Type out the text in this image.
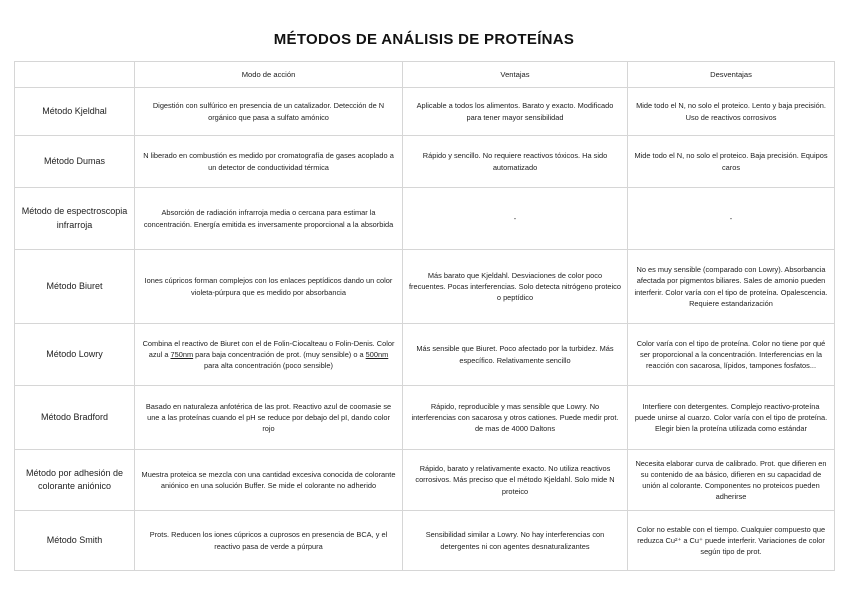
MÉTODOS DE ANÁLISIS DE PROTEÍNAS
	Modo de acción	Ventajas	Desventajas
Método Kjeldhal	Digestión con sulfúrico en presencia de un catalizador. Detección de N orgánico que pasa a sulfato amónico	Aplicable a todos los alimentos. Barato y exacto. Modificado para tener mayor sensibilidad	Mide todo el N, no solo el proteico. Lento y baja precisión. Uso de reactivos corrosivos
Método Dumas	N liberado en combustión es medido por cromatografía de gases acoplado a un detector de conductividad térmica	Rápido y sencillo. No requiere reactivos tóxicos. Ha sido automatizado	Mide todo el N, no solo el proteico. Baja precisión. Equipos caros
Método de espectroscopia infrarroja	Absorción de radiación infrarroja media o cercana para estimar la concentración. Energía emitida es inversamente proporcional a la absorbida	-	-
Método Biuret	Iones cúpricos forman complejos con los enlaces peptídicos dando un color violeta-púrpura que es medido por absorbancia	Más barato que Kjeldahl. Desviaciones de color poco frecuentes. Pocas interferencias. Solo detecta nitrógeno proteico o peptídico	No es muy sensible (comparado con Lowry). Absorbancia afectada por pigmentos biliares. Sales de amonio pueden interferir. Color varía con el tipo de proteína. Opalescencia. Requiere estandarización
Método Lowry	Combina el reactivo de Biuret con el de Folin-Ciocalteau o Folin-Denis. Color azul a 750nm para baja concentración de prot. (muy sensible) o a 500nm para alta concentración (poco sensible)	Más sensible que Biuret. Poco afectado por la turbidez. Más específico. Relativamente sencillo	Color varía con el tipo de proteína. Color no tiene por qué ser proporcional a la concentración. Interferencias en la reacción con sacarosa, lípidos, tampones fosfatos...
Método Bradford	Basado en naturaleza anfotérica de las prot. Reactivo azul de coomasie se une a las proteínas cuando el pH se reduce por debajo del pI, dando color rojo	Rápido, reproducible y mas sensible que Lowry. No interferencias con sacarosa y otros cationes. Puede medir prot. de mas de 4000 Daltons	Interfiere con detergentes. Complejo reactivo-proteína puede unirse al cuarzo. Color varía con el tipo de proteína. Elegir bien la proteína utilizada como estándar
Método por adhesión de colorante aniónico	Muestra proteica se mezcla con una cantidad excesiva conocida de colorante aniónico en una solución Buffer. Se mide el colorante no adherido	Rápido, barato y relativamente exacto. No utiliza reactivos corrosivos. Más preciso que el método Kjeldahl. Solo mide N proteico	Necesita elaborar curva de calibrado. Prot. que difieren en su contenido de aa básico, difieren en su capacidad de unión al colorante. Componentes no proteicos pueden adherirse
Método Smith	Prots. Reducen los iones cúpricos a cuprosos en presencia de BCA, y el reactivo pasa de verde a púrpura	Sensibilidad similar a Lowry. No hay interferencias con detergentes ni con agentes desnaturalizantes	Color no estable con el tiempo. Cualquier compuesto que reduzca Cu²⁺ a Cu⁺ puede interferir. Variaciones de color según tipo de prot.
